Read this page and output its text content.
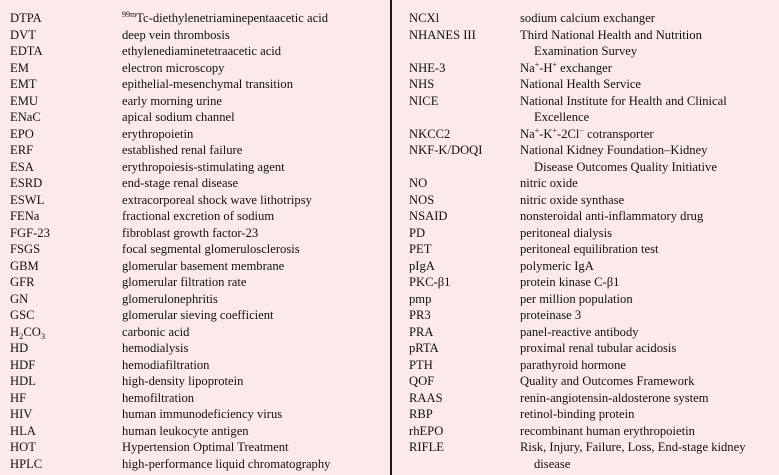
DTPA	$^{99m}$Tc-diethylenetriaminepentaacetic acid
DVT	deep vein thrombosis
EDTA	ethylenediaminetetraacetic acid
EM	electron microscopy
EMT	epithelial-mesenchymal transition
EMU	early morning urine
ENaC	apical sodium channel
EPO	erythropoietin
ERF	established renal failure
ESA	erythropoiesis-stimulating agent
ESRD	end-stage renal disease
ESWL	extracorporeal shock wave lithotripsy
FENa	fractional excretion of sodium
FGF-23	fibroblast growth factor-23
FSGS	focal segmental glomerulosclerosis
GBM	glomerular basement membrane
GFR	glomerular filtration rate
GN	glomerulonephritis
GSC	glomerular sieving coefficient
$H_2CO_3$	carbonic acid
HD	hemodialysis
HDF	hemodiafiltration
HDL	high-density lipoprotein
HF	hemofiltration
HIV	human immunodeficiency virus
HLA	human leukocyte antigen
HOT	Hypertension Optimal Treatment
HPLC	high-performance liquid chromatography
NCXl	sodium calcium exchanger
NHANES III	Third National Health and Nutrition
Examination Survey
NHE-3	Na+-H+ exchanger
NHS	National Health Service
NICE	National Institute for Health and Clinical
Excellence
NKCC2	Na+-K+-2Cl− cotransporter
NKF-K/DOQI	National Kidney Foundation–Kidney
Disease Outcomes Quality Initiative
NO	nitric oxide
NOS	nitric oxide synthase
NSAID	nonsteroidal anti-inflammatory drug
PD	peritoneal dialysis
PET	peritoneal equilibration test
pIgA	polymeric IgA
PKC-β1	protein kinase C-β1
pmp	per million population
PR3	proteinase 3
PRA	panel-reactive antibody
pRTA	proximal renal tubular acidosis
PTH	parathyroid hormone
QOF	Quality and Outcomes Framework
RAAS	renin-angiotensin-aldosterone system
RBP	retinol-binding protein
rhEPO	recombinant human erythropoietin
RIFLE	Risk, Injury, Failure, Loss, End-stage kidney
disease
